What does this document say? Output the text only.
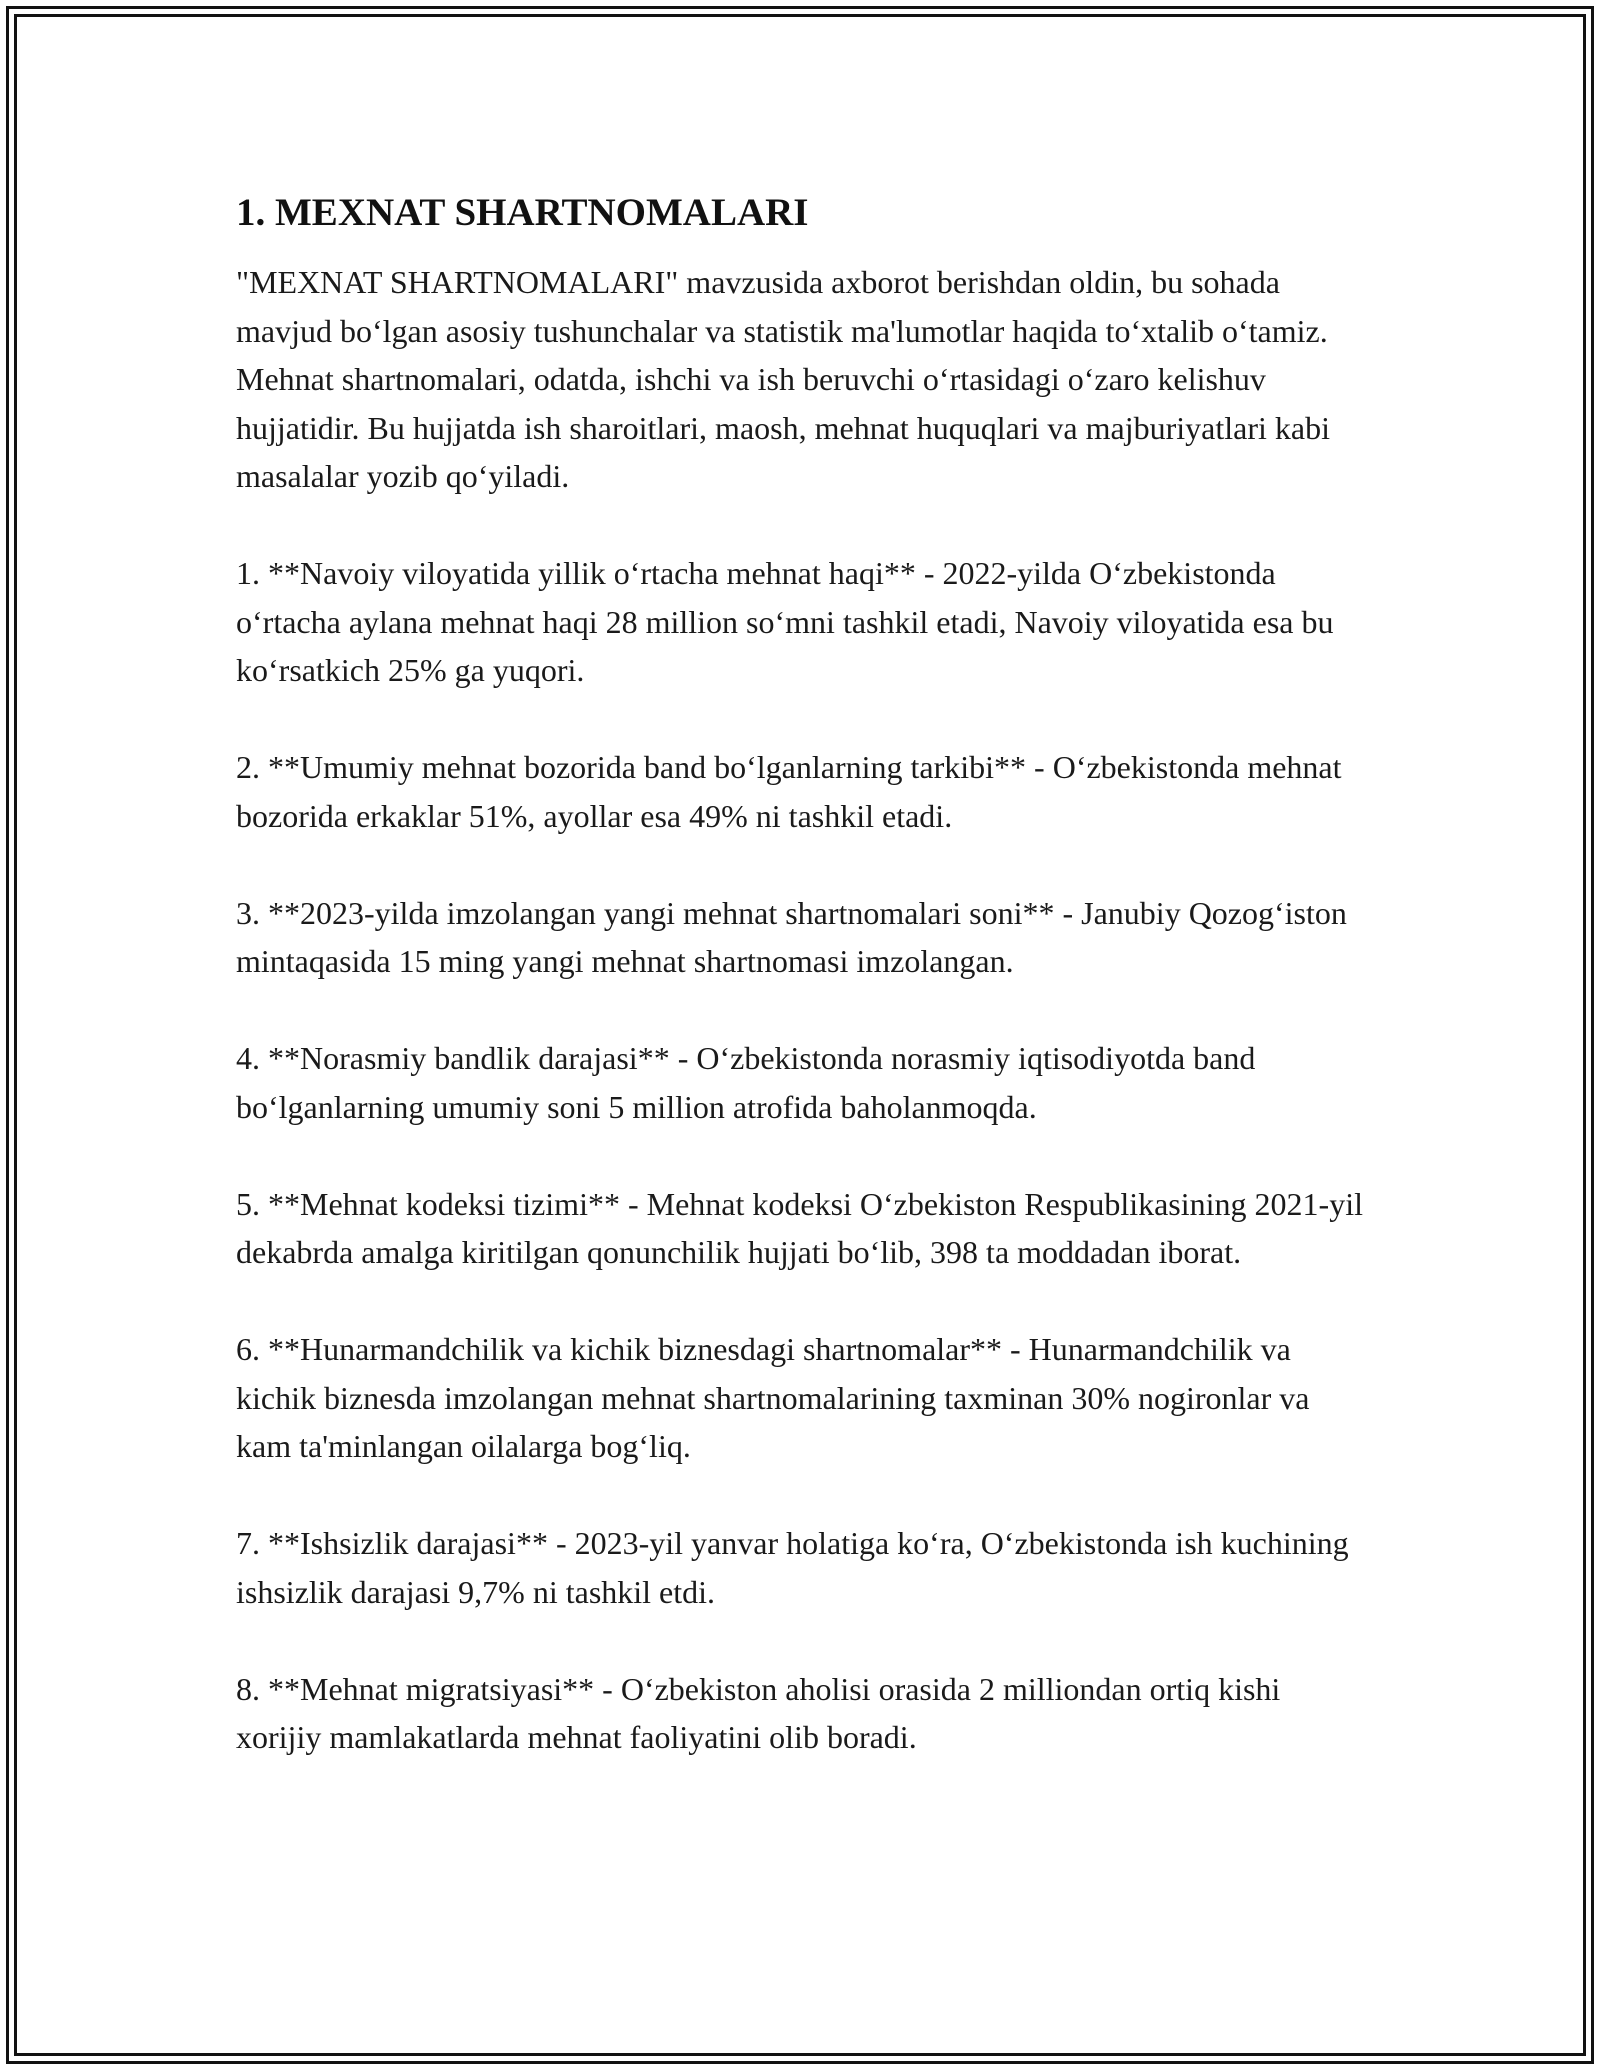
1. MEXNAT SHARTNOMALARI

"MEXNAT SHARTNOMALARI" mavzusida axborot berishdan oldin, bu sohada mavjud boʻlgan asosiy tushunchalar va statistik ma'lumotlar haqida toʻxtalib oʻtamiz. Mehnat shartnomalari, odatda, ishchi va ish beruvchi oʻrtasidagi oʻzaro kelishuv hujjatidir. Bu hujjatda ish sharoitlari, maosh, mehnat huquqlari va majburiyatlari kabi masalalar yozib qoʻyiladi.

1. **Navoiy viloyatida yillik oʻrtacha mehnat haqi** - 2022-yilda Oʻzbekistonda oʻrtacha aylana mehnat haqi 28 million soʻmni tashkil etadi, Navoiy viloyatida esa bu koʻrsatkich 25% ga yuqori.

2. **Umumiy mehnat bozorida band boʻlganlarning tarkibi** - Oʻzbekistonda mehnat bozorida erkaklar 51%, ayollar esa 49% ni tashkil etadi.

3. **2023-yilda imzolangan yangi mehnat shartnomalari soni** - Janubiy Qozogʻiston mintaqasida 15 ming yangi mehnat shartnomasi imzolangan.

4. **Norasmiy bandlik darajasi** - Oʻzbekistonda norasmiy iqtisodiyotda band boʻlganlarning umumiy soni 5 million atrofida baholanmoqda.

5. **Mehnat kodeksi tizimi** - Mehnat kodeksi Oʻzbekiston Respublikasining 2021-yil dekabrda amalga kiritilgan qonunchilik hujjati boʻlib, 398 ta moddadan iborat.

6. **Hunarmandchilik va kichik biznesdagi shartnomalar** - Hunarmandchilik va kichik biznesda imzolangan mehnat shartnomalarining taxminan 30% nogironlar va kam ta'minlangan oilalarga bogʻliq.

7. **Ishsizlik darajasi** - 2023-yil yanvar holatiga koʻra, Oʻzbekistonda ish kuchining ishsizlik darajasi 9,7% ni tashkil etdi.

8. **Mehnat migratsiyasi** - Oʻzbekiston aholisi orasida 2 milliondan ortiq kishi xorijiy mamlakatlarda mehnat faoliyatini olib boradi.
